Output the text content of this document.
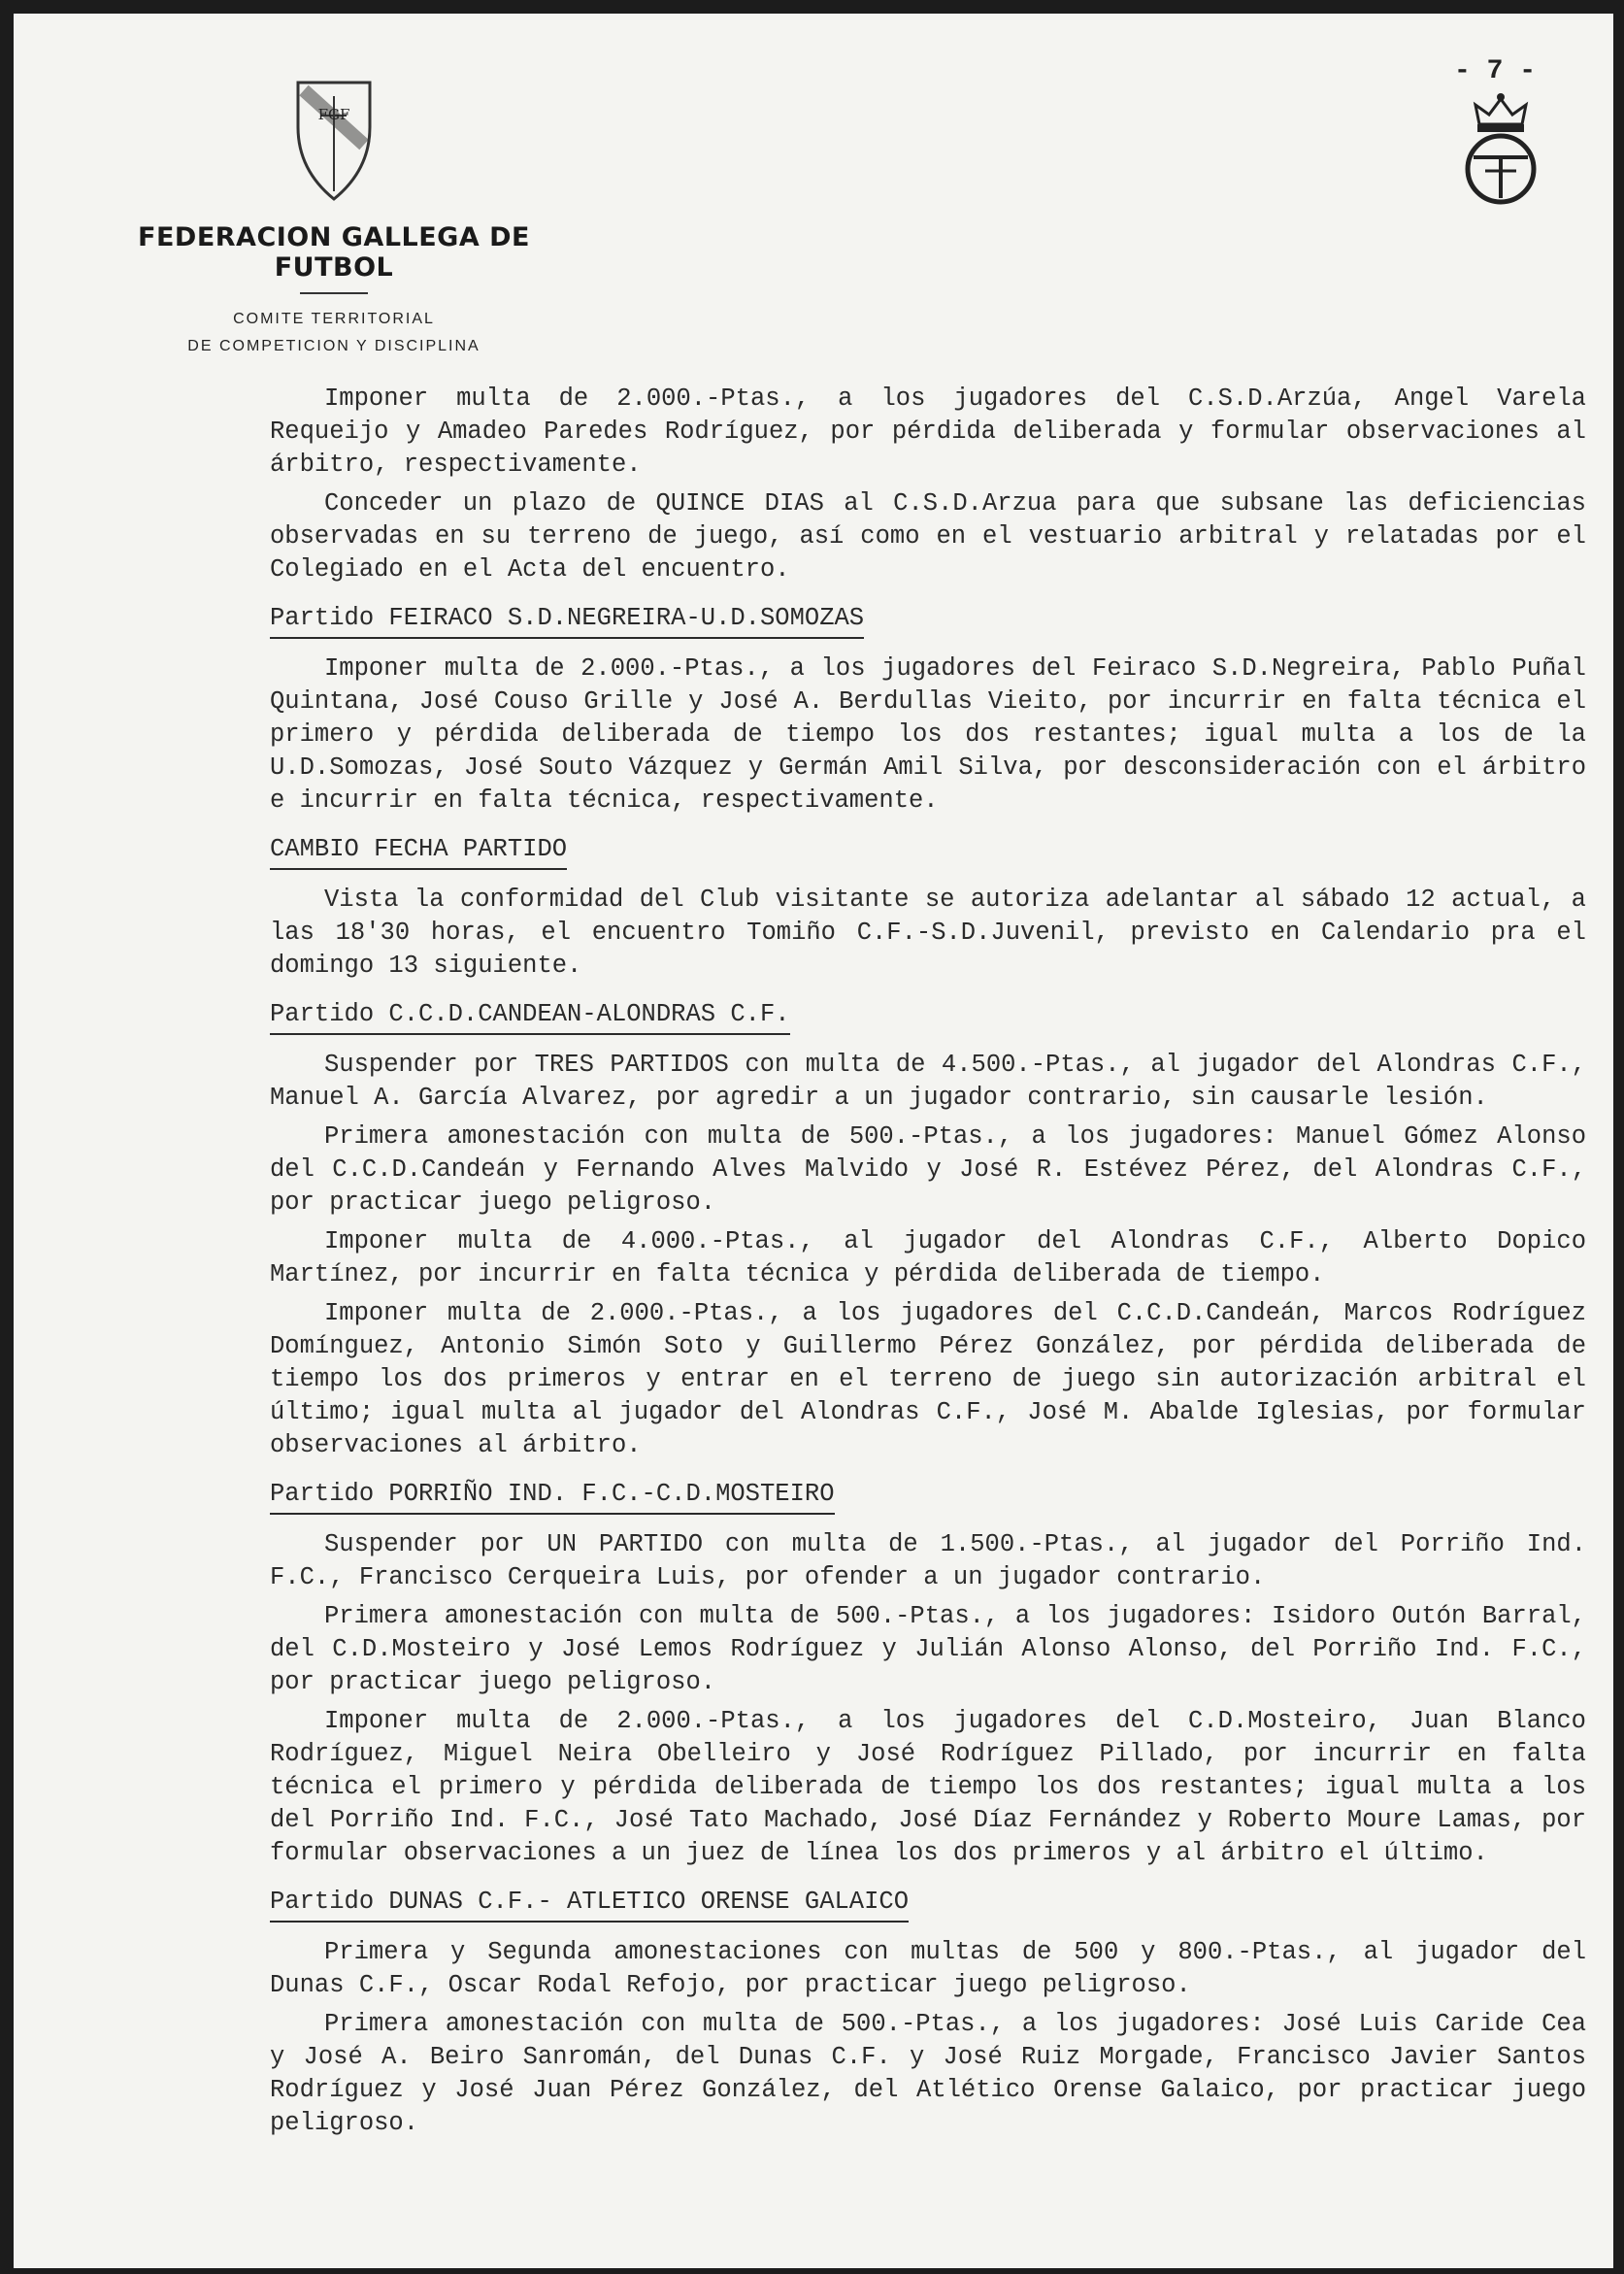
FGF
FEDERACION GALLEGA DE FUTBOL
COMITE TERRITORIAL
DE COMPETICION Y DISCIPLINA
- 7 -

Imponer multa de 2.000.-Ptas., a los jugadores del C.S.D.Arzúa, Angel Varela Requeijo y Amadeo Paredes Rodríguez, por pérdida deliberada y formular observaciones al árbitro, respectivamente.

Conceder un plazo de QUINCE DIAS al C.S.D.Arzua para que subsane las deficiencias observadas en su terreno de juego, así como en el vestuario arbitral y relatadas por el Colegiado en el Acta del encuentro.

Partido FEIRACO S.D.NEGREIRA-U.D.SOMOZAS

Imponer multa de 2.000.-Ptas., a los jugadores del Feiraco S.D.Negreira, Pablo Puñal Quintana, José Couso Grille y José A. Berdullas Vieito, por incurrir en falta técnica el primero y pérdida deliberada de tiempo los dos restantes; igual multa a los de la U.D.Somozas, José Souto Vázquez y Germán Amil Silva, por desconsideración con el árbitro e incurrir en falta técnica, respectivamente.

CAMBIO FECHA PARTIDO

Vista la conformidad del Club visitante se autoriza adelantar al sábado 12 actual, a las 18'30 horas, el encuentro Tomiño C.F.-S.D.Juvenil, previsto en Calendario pra el domingo 13 siguiente.

Partido C.C.D.CANDEAN-ALONDRAS C.F.

Suspender por TRES PARTIDOS con multa de 4.500.-Ptas., al jugador del Alondras C.F., Manuel A. García Alvarez, por agredir a un jugador contrario, sin causarle lesión.

Primera amonestación con multa de 500.-Ptas., a los jugadores: Manuel Gómez Alonso del C.C.D.Candeán y Fernando Alves Malvido y José R. Estévez Pérez, del Alondras C.F., por practicar juego peligroso.

Imponer multa de 4.000.-Ptas., al jugador del Alondras C.F., Alberto Dopico Martínez, por incurrir en falta técnica y pérdida deliberada de tiempo.

Imponer multa de 2.000.-Ptas., a los jugadores del C.C.D.Candeán, Marcos Rodríguez Domínguez, Antonio Simón Soto y Guillermo Pérez González, por pérdida deliberada de tiempo los dos primeros y entrar en el terreno de juego sin autorización arbitral el último; igual multa al jugador del Alondras C.F., José M. Abalde Iglesias, por formular observaciones al árbitro.

Partido PORRIÑO IND. F.C.-C.D.MOSTEIRO

Suspender por UN PARTIDO con multa de 1.500.-Ptas., al jugador del Porriño Ind. F.C., Francisco Cerqueira Luis, por ofender a un jugador contrario.

Primera amonestación con multa de 500.-Ptas., a los jugadores: Isidoro Outón Barral, del C.D.Mosteiro y José Lemos Rodríguez y Julián Alonso Alonso, del Porriño Ind. F.C., por practicar juego peligroso.

Imponer multa de 2.000.-Ptas., a los jugadores del C.D.Mosteiro, Juan Blanco Rodríguez, Miguel Neira Obelleiro y José Rodríguez Pillado, por incurrir en falta técnica el primero y pérdida deliberada de tiempo los dos restantes; igual multa a los del Porriño Ind. F.C., José Tato Machado, José Díaz Fernández y Roberto Moure Lamas, por formular observaciones a un juez de línea los dos primeros y al árbitro el último.

Partido DUNAS C.F.- ATLETICO ORENSE GALAICO

Primera y Segunda amonestaciones con multas de 500 y 800.-Ptas., al jugador del Dunas C.F., Oscar Rodal Refojo, por practicar juego peligroso.

Primera amonestación con multa de 500.-Ptas., a los jugadores: José Luis Caride Cea y José A. Beiro Sanromán, del Dunas C.F. y José Ruiz Morgade, Francisco Javier Santos Rodríguez y José Juan Pérez González, del Atlético Orense Galaico, por practicar juego peligroso.
